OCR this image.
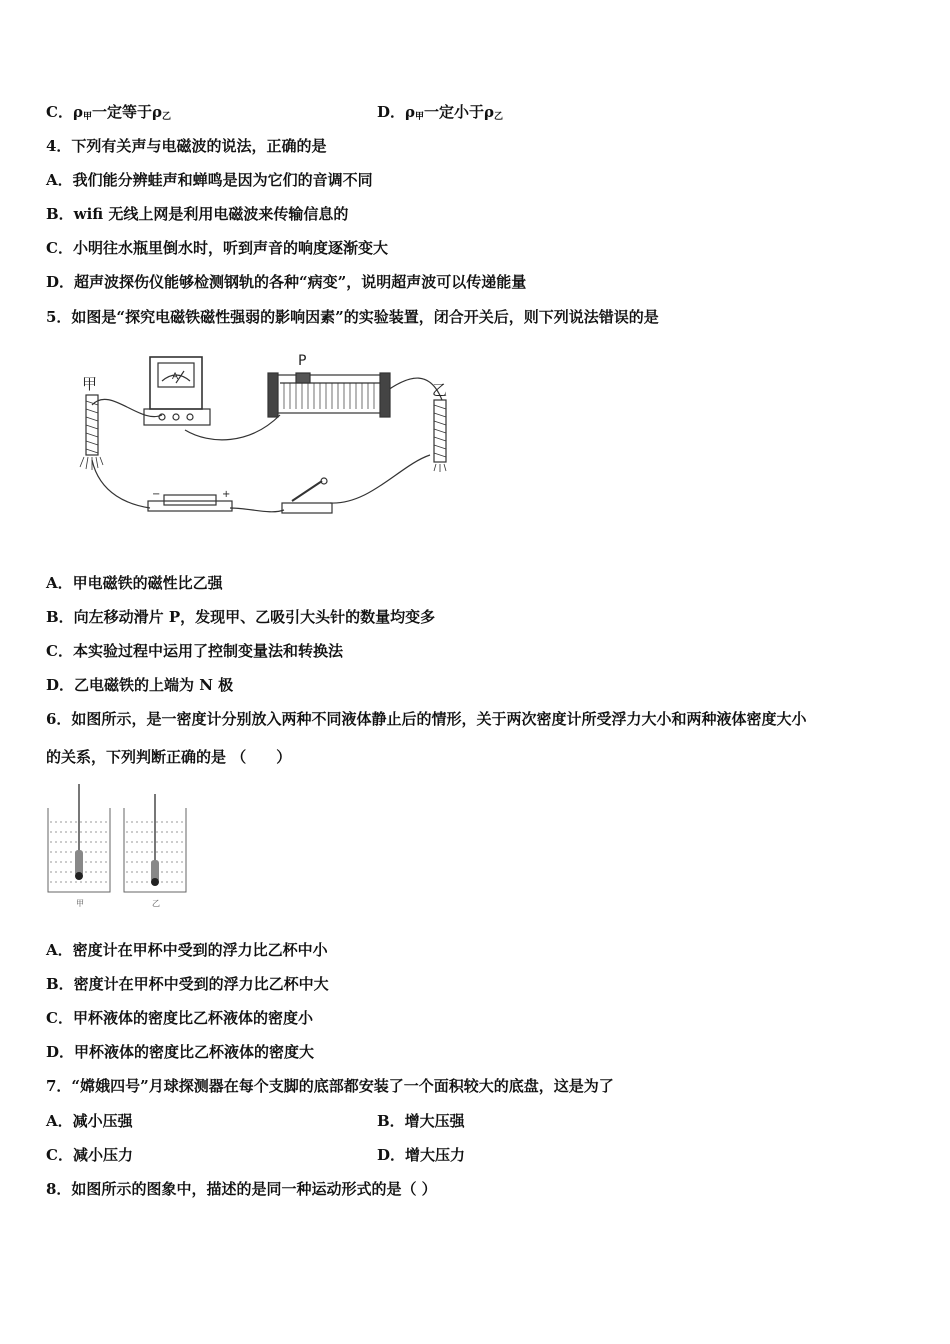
C．$\rho_甲$一定等于$\rho_乙$	D．$\rho_甲$一定小于$\rho_乙$
4．下列有关声与电磁波的说法，正确的是
A．我们能分辨蛙声和蝉鸣是因为它们的音调不同
B．wifi 无线上网是利用电磁波来传输信息的
C．小明往水瓶里倒水时，听到声音的响度逐渐变大
D．超声波探伤仪能够检测钢轨的各种“病变”，说明超声波可以传递能量
5．如图是“探究电磁铁磁性强弱的影响因素”的实验装置，闭合开关后，则下列说法错误的是
甲	乙
P
A
−	+
A．甲电磁铁的磁性比乙强
B．向左移动滑片 P，发现甲、乙吸引大头针的数量均变多
C．本实验过程中运用了控制变量法和转换法
D．乙电磁铁的上端为 N 极
6．如图所示，是一密度计分别放入两种不同液体静止后的情形，关于两次密度计所受浮力大小和两种液体密度大小
的关系，下列判断正确的是 （　　）
甲	乙
A．密度计在甲杯中受到的浮力比乙杯中小
B．密度计在甲杯中受到的浮力比乙杯中大
C．甲杯液体的密度比乙杯液体的密度小
D．甲杯液体的密度比乙杯液体的密度大
7．“嫦娥四号”月球探测器在每个支脚的底部都安装了一个面积较大的底盘，这是为了
A．减小压强	B．增大压强
C．减小压力	D．增大压力
8．如图所示的图象中，描述的是同一种运动形式的是（ ）
